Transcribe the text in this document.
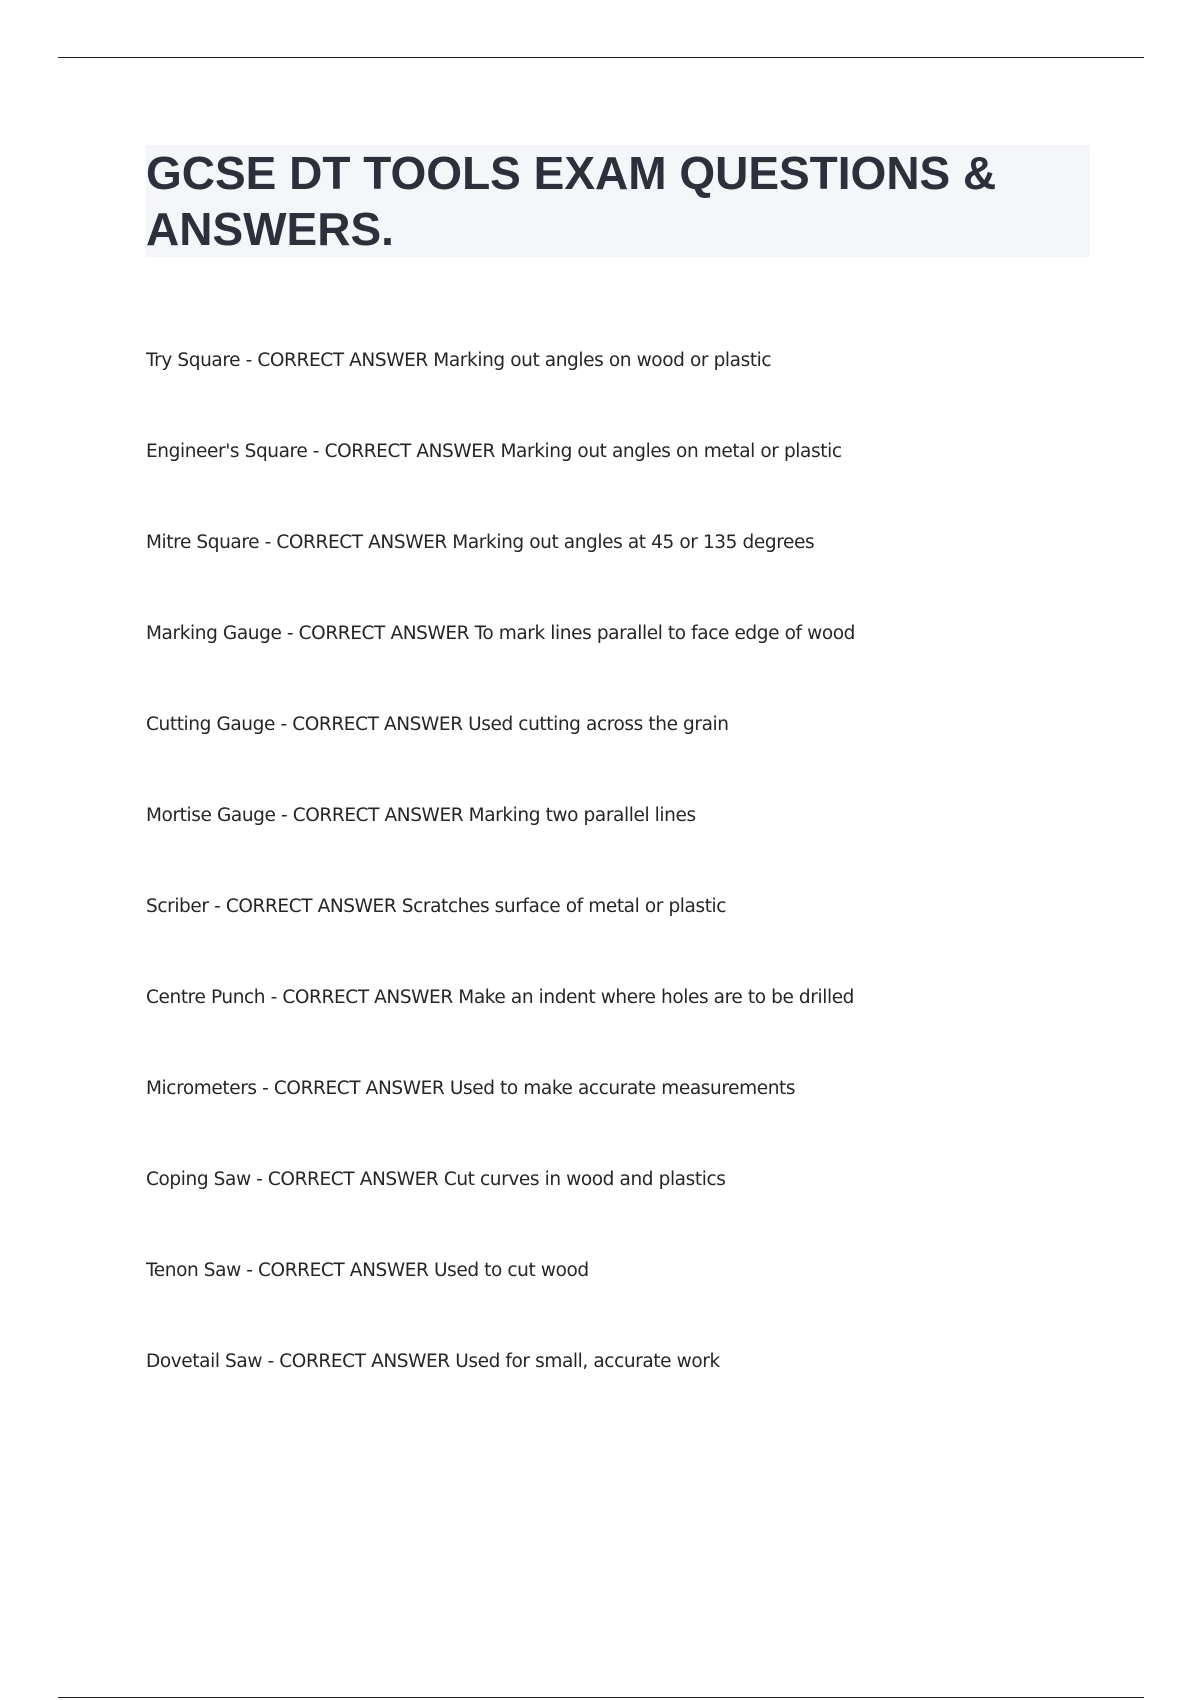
GCSE DT TOOLS EXAM QUESTIONS & ANSWERS.
Try Square - CORRECT ANSWER Marking out angles on wood or plastic
Engineer's Square - CORRECT ANSWER Marking out angles on metal or plastic
Mitre Square - CORRECT ANSWER Marking out angles at 45 or 135 degrees
Marking Gauge - CORRECT ANSWER To mark lines parallel to face edge of wood
Cutting Gauge - CORRECT ANSWER Used cutting across the grain
Mortise Gauge - CORRECT ANSWER Marking two parallel lines
Scriber - CORRECT ANSWER Scratches surface of metal or plastic
Centre Punch - CORRECT ANSWER Make an indent where holes are to be drilled
Micrometers - CORRECT ANSWER Used to make accurate measurements
Coping Saw - CORRECT ANSWER Cut curves in wood and plastics
Tenon Saw - CORRECT ANSWER Used to cut wood
Dovetail Saw - CORRECT ANSWER Used for small, accurate work
